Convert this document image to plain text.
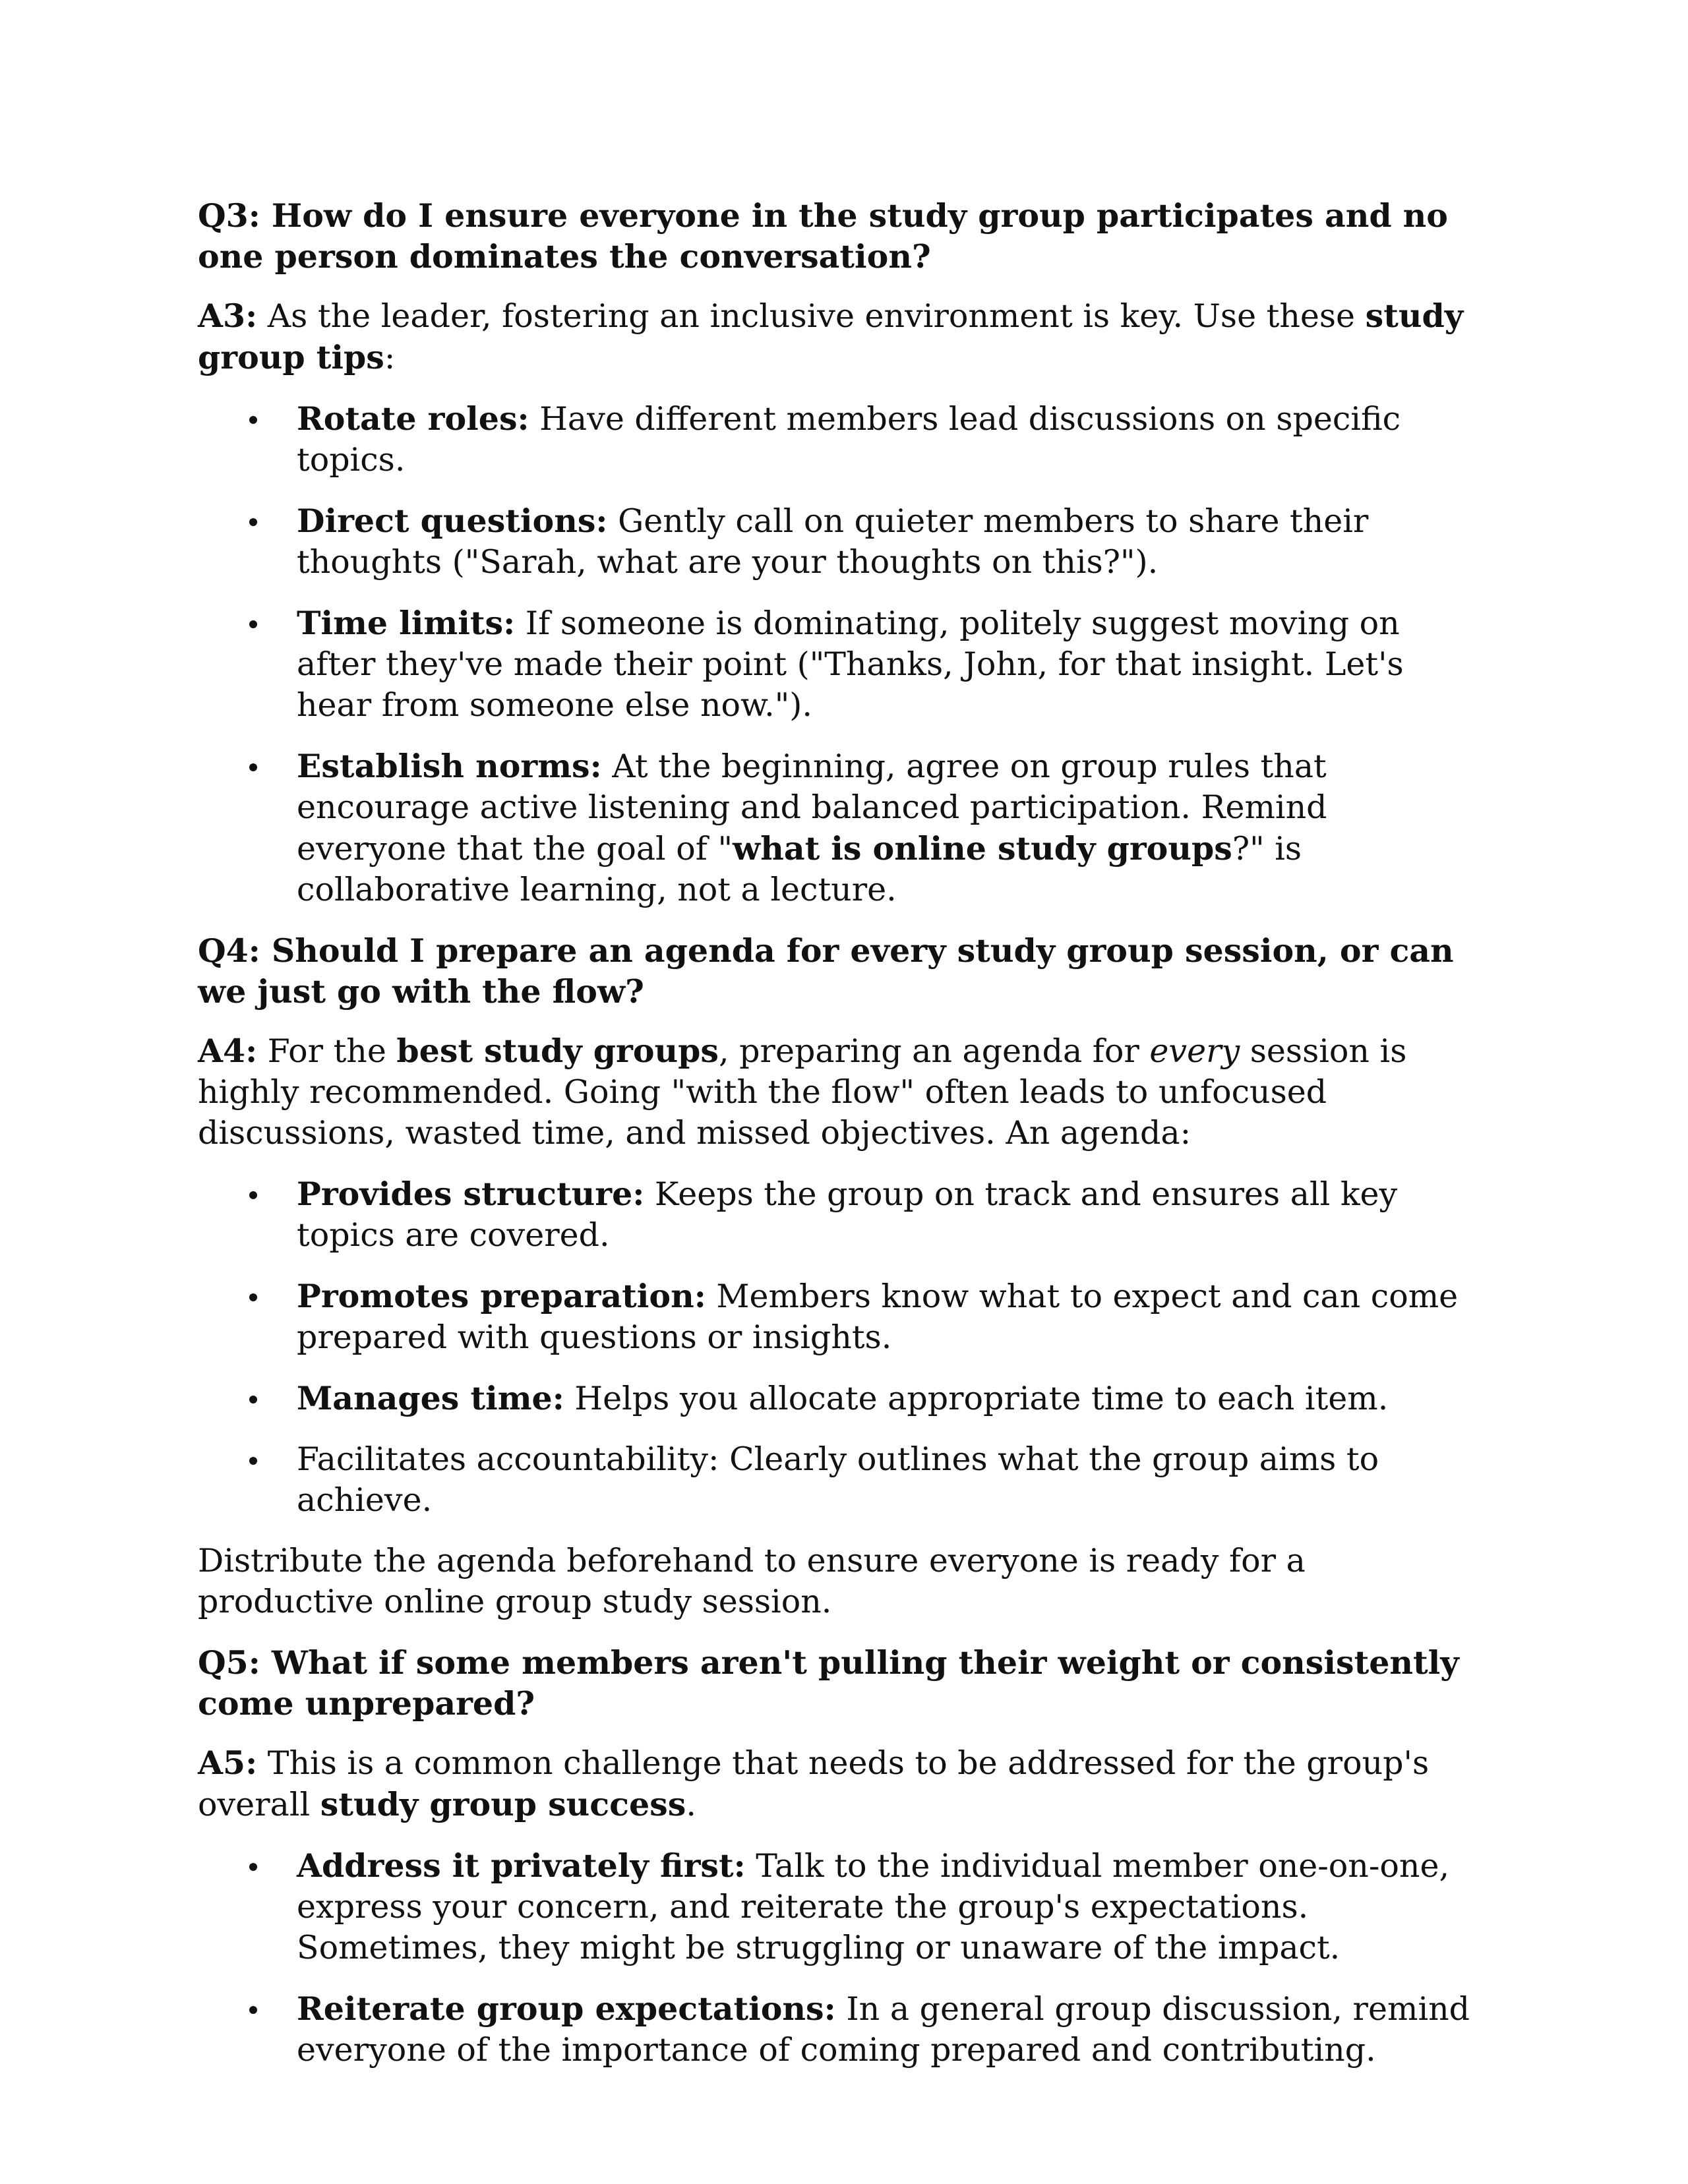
Q3: How do I ensure everyone in the study group participates and no one person dominates the conversation?
A3: As the leader, fostering an inclusive environment is key. Use these study group tips:
Rotate roles: Have different members lead discussions on specific topics.
Direct questions: Gently call on quieter members to share their thoughts ("Sarah, what are your thoughts on this?").
Time limits: If someone is dominating, politely suggest moving on after they've made their point ("Thanks, John, for that insight. Let's hear from someone else now.").
Establish norms: At the beginning, agree on group rules that encourage active listening and balanced participation. Remind everyone that the goal of "what is online study groups?" is collaborative learning, not a lecture.
Q4: Should I prepare an agenda for every study group session, or can we just go with the flow?
A4: For the best study groups, preparing an agenda for every session is highly recommended. Going "with the flow" often leads to unfocused discussions, wasted time, and missed objectives. An agenda:
Provides structure: Keeps the group on track and ensures all key topics are covered.
Promotes preparation: Members know what to expect and can come prepared with questions or insights.
Manages time: Helps you allocate appropriate time to each item.
Facilitates accountability: Clearly outlines what the group aims to achieve.
Distribute the agenda beforehand to ensure everyone is ready for a productive online group study session.
Q5: What if some members aren't pulling their weight or consistently come unprepared?
A5: This is a common challenge that needs to be addressed for the group's overall study group success.
Address it privately first: Talk to the individual member one-on-one, express your concern, and reiterate the group's expectations. Sometimes, they might be struggling or unaware of the impact.
Reiterate group expectations: In a general group discussion, remind everyone of the importance of coming prepared and contributing.
